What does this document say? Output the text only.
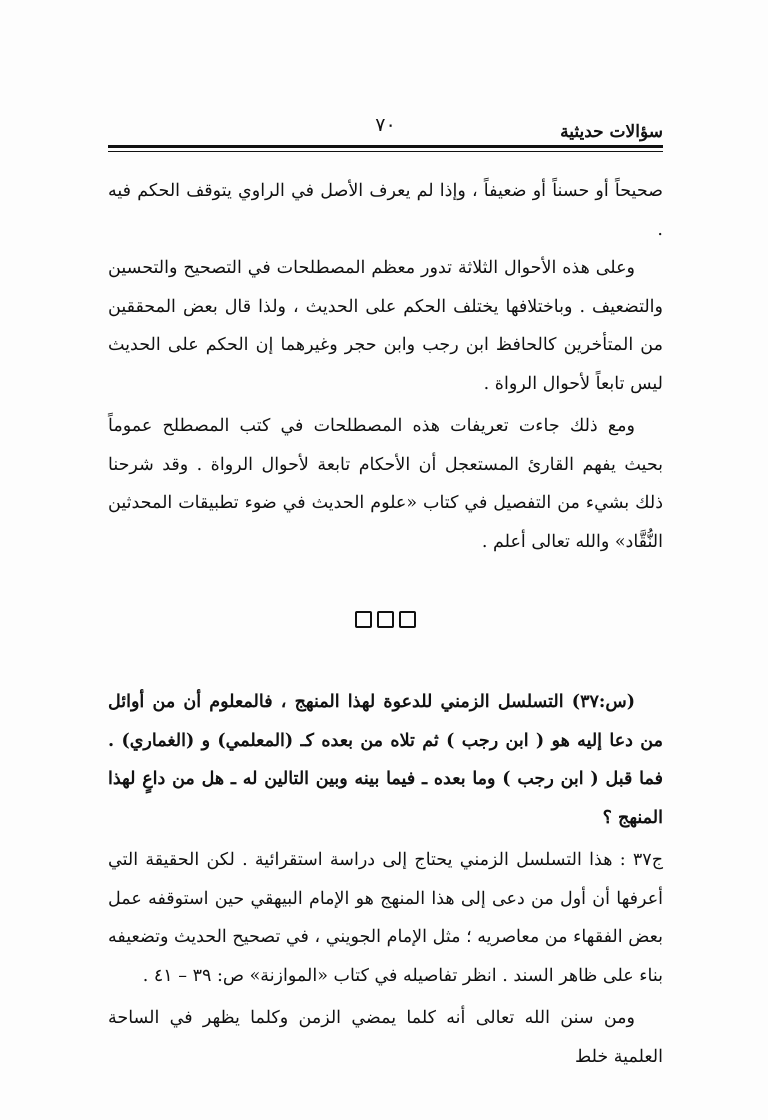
سؤالات حديثية
٧٠

صحيحاً أو حسناً أو ضعيفاً ، وإذا لم يعرف الأصل في الراوي يتوقف الحكم فيه .

وعلى هذه الأحوال الثلاثة تدور معظم المصطلحات في التصحيح والتحسين والتضعيف . وباختلافها يختلف الحكم على الحديث ، ولذا قال بعض المحققين من المتأخرين كالحافظ ابن رجب وابن حجر وغيرهما إن الحكم على الحديث ليس تابعاً لأحوال الرواة .

ومع ذلك جاءت تعريفات هذه المصطلحات في كتب المصطلح عموماً بحيث يفهم القارئ المستعجل أن الأحكام تابعة لأحوال الرواة . وقد شرحنا ذلك بشيء من التفصيل في كتاب «علوم الحديث في ضوء تطبيقات المحدثين النُّقَّاد» والله تعالى أعلم .

(س:٣٧) التسلسل الزمني للدعوة لهذا المنهج ، فالمعلوم أن من أوائل من دعا إليه هو ( ابن رجب ) ثم تلاه من بعده كـ (المعلمي) و (الغماري) . فما قبل ( ابن رجب ) وما بعده ـ فيما بينه وبين التالين له ـ هل من داعٍ لهذا المنهج ؟

ج٣٧ : هذا التسلسل الزمني يحتاج إلى دراسة استقرائية . لكن الحقيقة التي أعرفها أن أول من دعى إلى هذا المنهج هو الإمام البيهقي حين استوقفه عمل بعض الفقهاء من معاصريه ؛ مثل الإمام الجويني ، في تصحيح الحديث وتضعيفه بناء على ظاهر السند . انظر تفاصيله في كتاب «الموازنة» ص: ٣٩ – ٤١ .

ومن سنن الله تعالى أنه كلما يمضي الزمن وكلما يظهر في الساحة العلمية خلط
